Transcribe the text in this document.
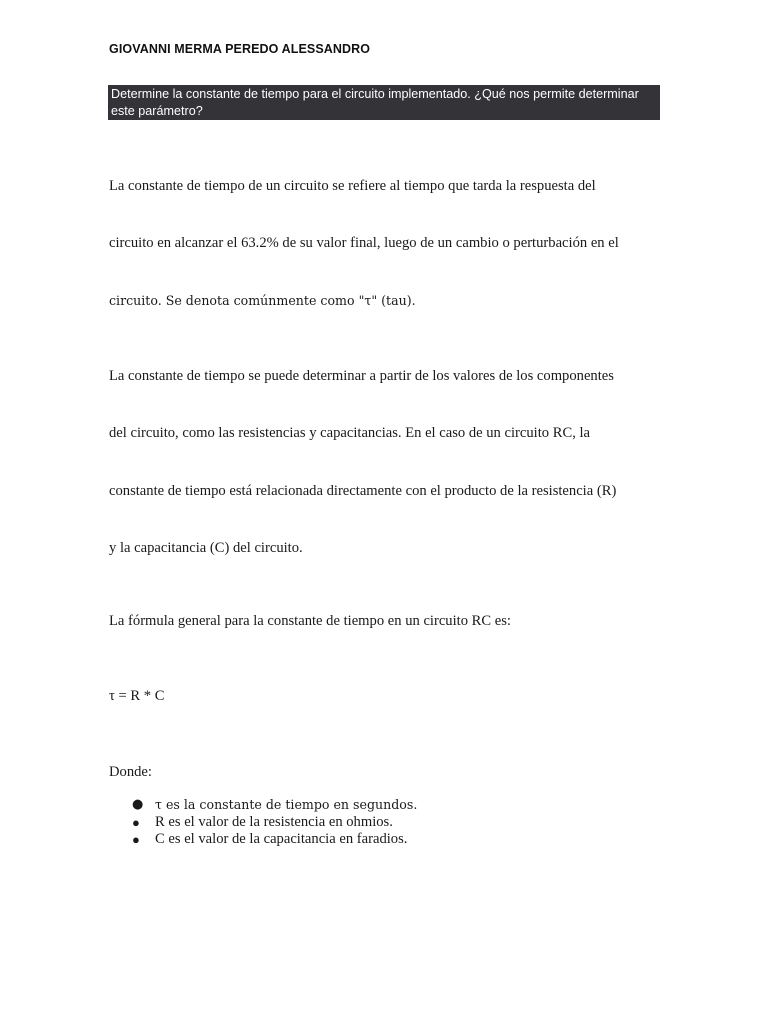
GIOVANNI MERMA PEREDO ALESSANDRO
Determine la constante de tiempo para el circuito implementado. ¿Qué nos permite determinar este parámetro?
La constante de tiempo de un circuito se refiere al tiempo que tarda la respuesta del
circuito en alcanzar el 63.2% de su valor final, luego de un cambio o perturbación en el
circuito. Se denota comúnmente como "τ" (tau).
La constante de tiempo se puede determinar a partir de los valores de los componentes
del circuito, como las resistencias y capacitancias. En el caso de un circuito RC, la
constante de tiempo está relacionada directamente con el producto de la resistencia (R)
y la capacitancia (C) del circuito.
La fórmula general para la constante de tiempo en un circuito RC es:
τ = R * C
Donde:
● τ es la constante de tiempo en segundos.
● R es el valor de la resistencia en ohmios.
● C es el valor de la capacitancia en faradios.
